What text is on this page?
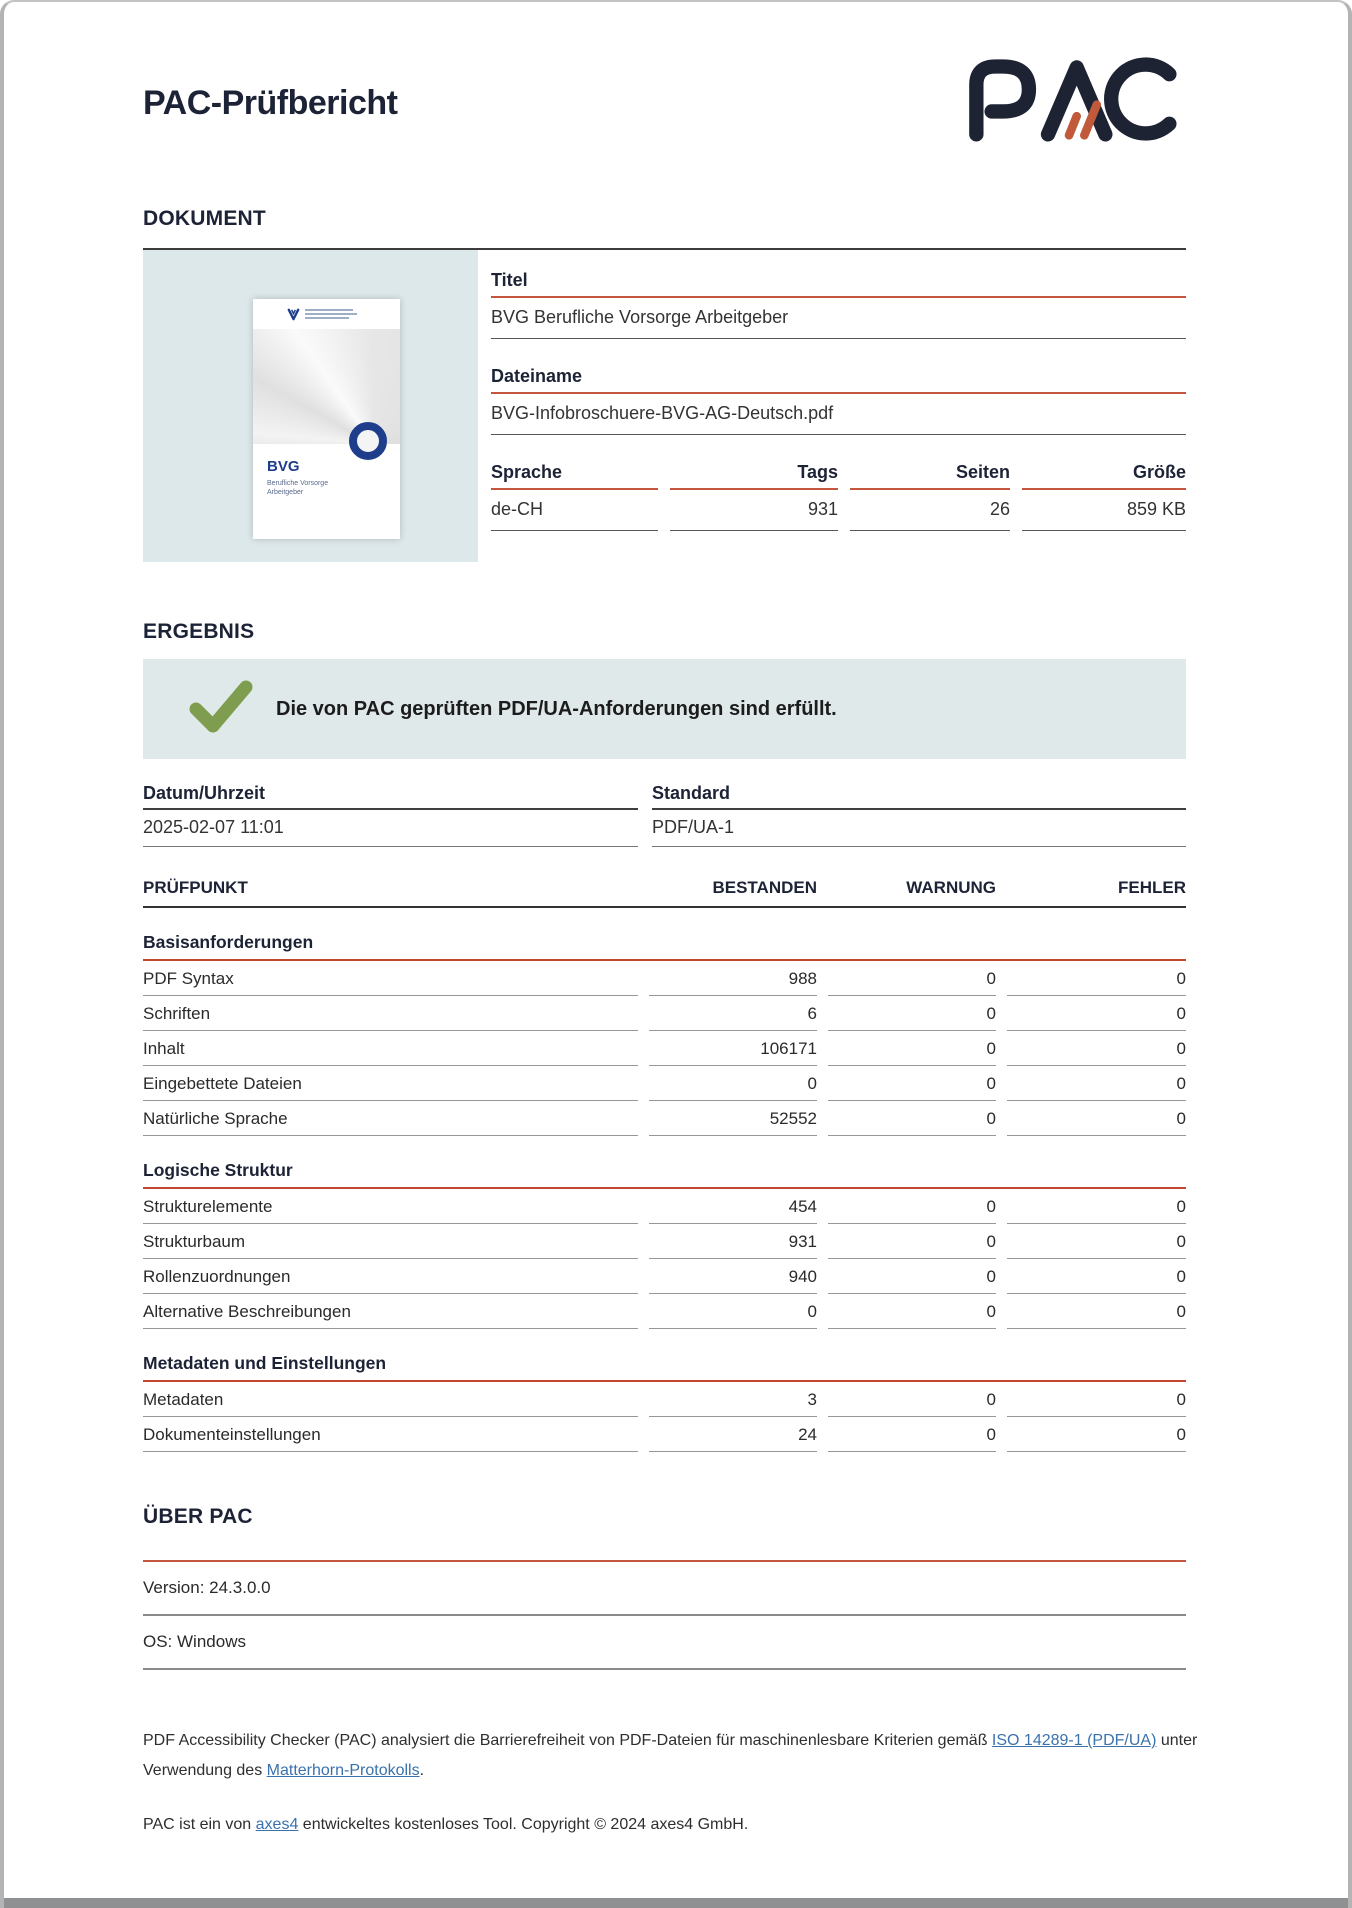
PAC-Prüfbericht
DOKUMENT
BVG
Berufliche Vorsorge
Arbeitgeber
Titel
BVG Berufliche Vorsorge Arbeitgeber
Dateiname
BVG-Infobroschuere-BVG-AG-Deutsch.pdf
Sprache
de-CH
Tags
931
Seiten
26
Größe
859 KB
ERGEBNIS
Die von PAC geprüften PDF/UA-Anforderungen sind erfüllt.
Datum/Uhrzeit
2025-02-07 11:01
Standard
PDF/UA-1
PRÜFPUNKT	BESTANDEN	WARNUNG	FEHLER
Basisanforderungen
PDF Syntax	988	0	0
Schriften	6	0	0
Inhalt	106171	0	0
Eingebettete Dateien	0	0	0
Natürliche Sprache	52552	0	0
Logische Struktur
Strukturelemente	454	0	0
Strukturbaum	931	0	0
Rollenzuordnungen	940	0	0
Alternative Beschreibungen	0	0	0
Metadaten und Einstellungen
Metadaten	3	0	0
Dokumenteinstellungen	24	0	0
ÜBER PAC
Version: 24.3.0.0
OS: Windows

PDF Accessibility Checker (PAC) analysiert die Barrierefreiheit von PDF-Dateien für maschinenlesbare Kriterien gemäß ISO 14289-1 (PDF/UA) unter Verwendung des Matterhorn-Protokolls.

PAC ist ein von axes4 entwickeltes kostenloses Tool. Copyright © 2024 axes4 GmbH.
